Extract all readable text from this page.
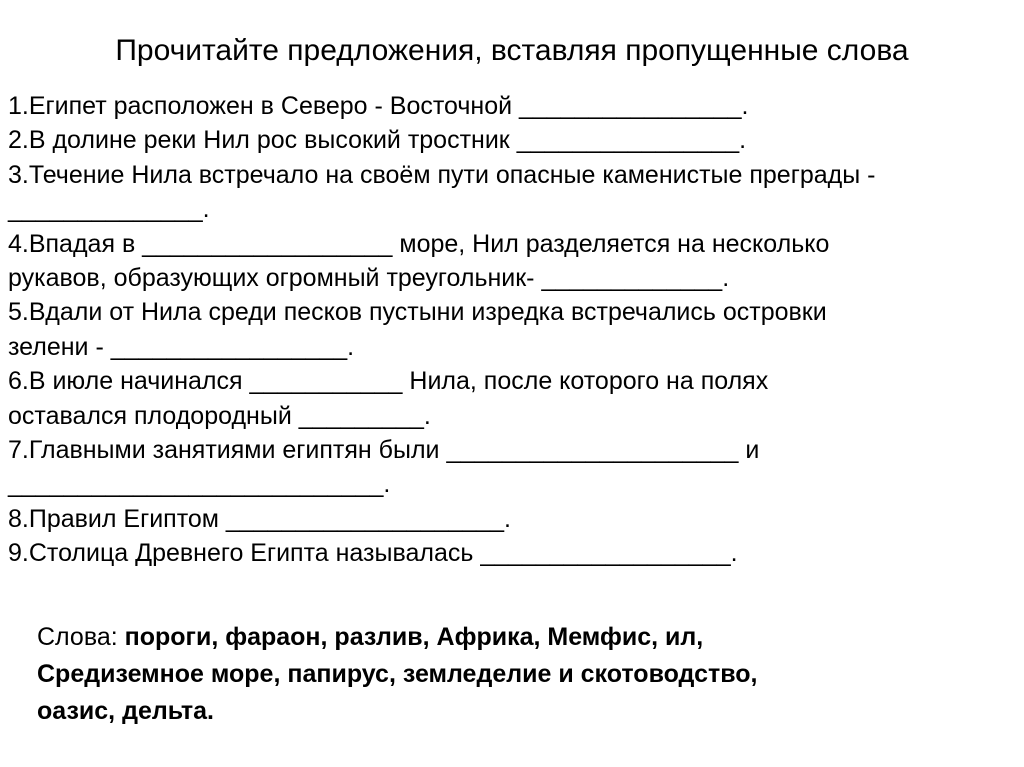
Прочитайте предложения, вставляя пропущенные слова
1.Египет расположен в Северо - Восточной ________________.
2.В долине реки Нил рос высокий тростник ________________.
3.Течение Нила встречало на своём пути опасные каменистые преграды -
______________.
4.Впадая в __________________ море, Нил разделяется на несколько
рукавов, образующих огромный треугольник- _____________.
5.Вдали от Нила среди песков пустыни изредка встречались островки
зелени - _________________.
6.В июле начинался ___________ Нила, после которого на полях
оставался плодородный _________.
7.Главными занятиями египтян были _____________________ и
___________________________.
8.Правил Египтом ____________________.
9.Столица Древнего Египта называлась __________________.
Слова: пороги, фараон, разлив, Африка, Мемфис, ил,
Средиземное море, папирус, земледелие и скотоводство,
оазис, дельта.
